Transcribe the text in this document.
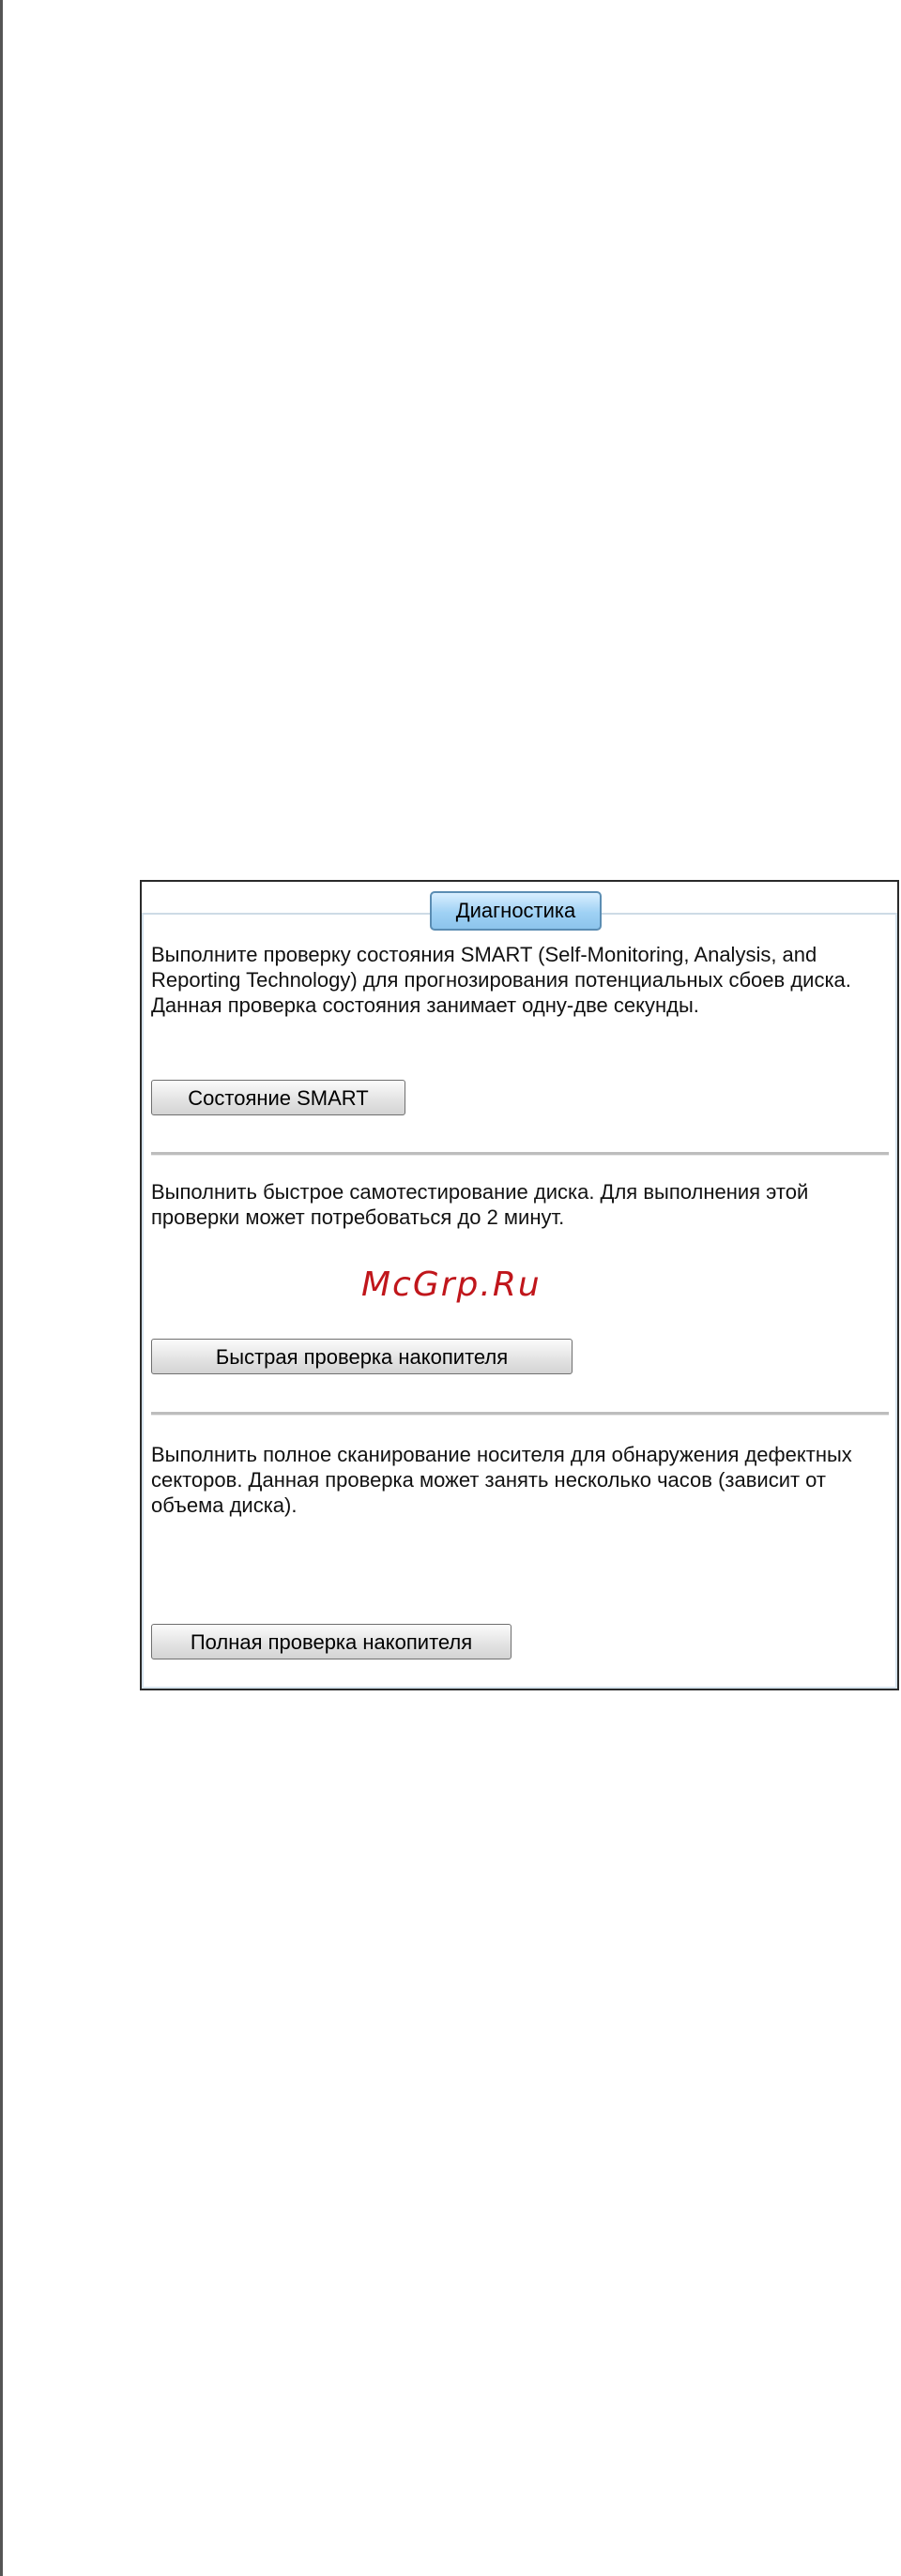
Диагностика
Выполните проверку состояния SMART (Self-Monitoring, Analysis, and Reporting Technology) для прогнозирования потенциальных сбоев диска. Данная проверка состояния занимает одну-две секунды.
Состояние SMART
Выполнить быстрое самотестирование диска. Для выполнения этой проверки может потребоваться до 2 минут.
Быстрая проверка накопителя
Выполнить полное сканирование носителя для обнаружения дефектных секторов. Данная проверка может занять несколько часов (зависит от объема диска).
Полная проверка накопителя
McGrp.Ru
